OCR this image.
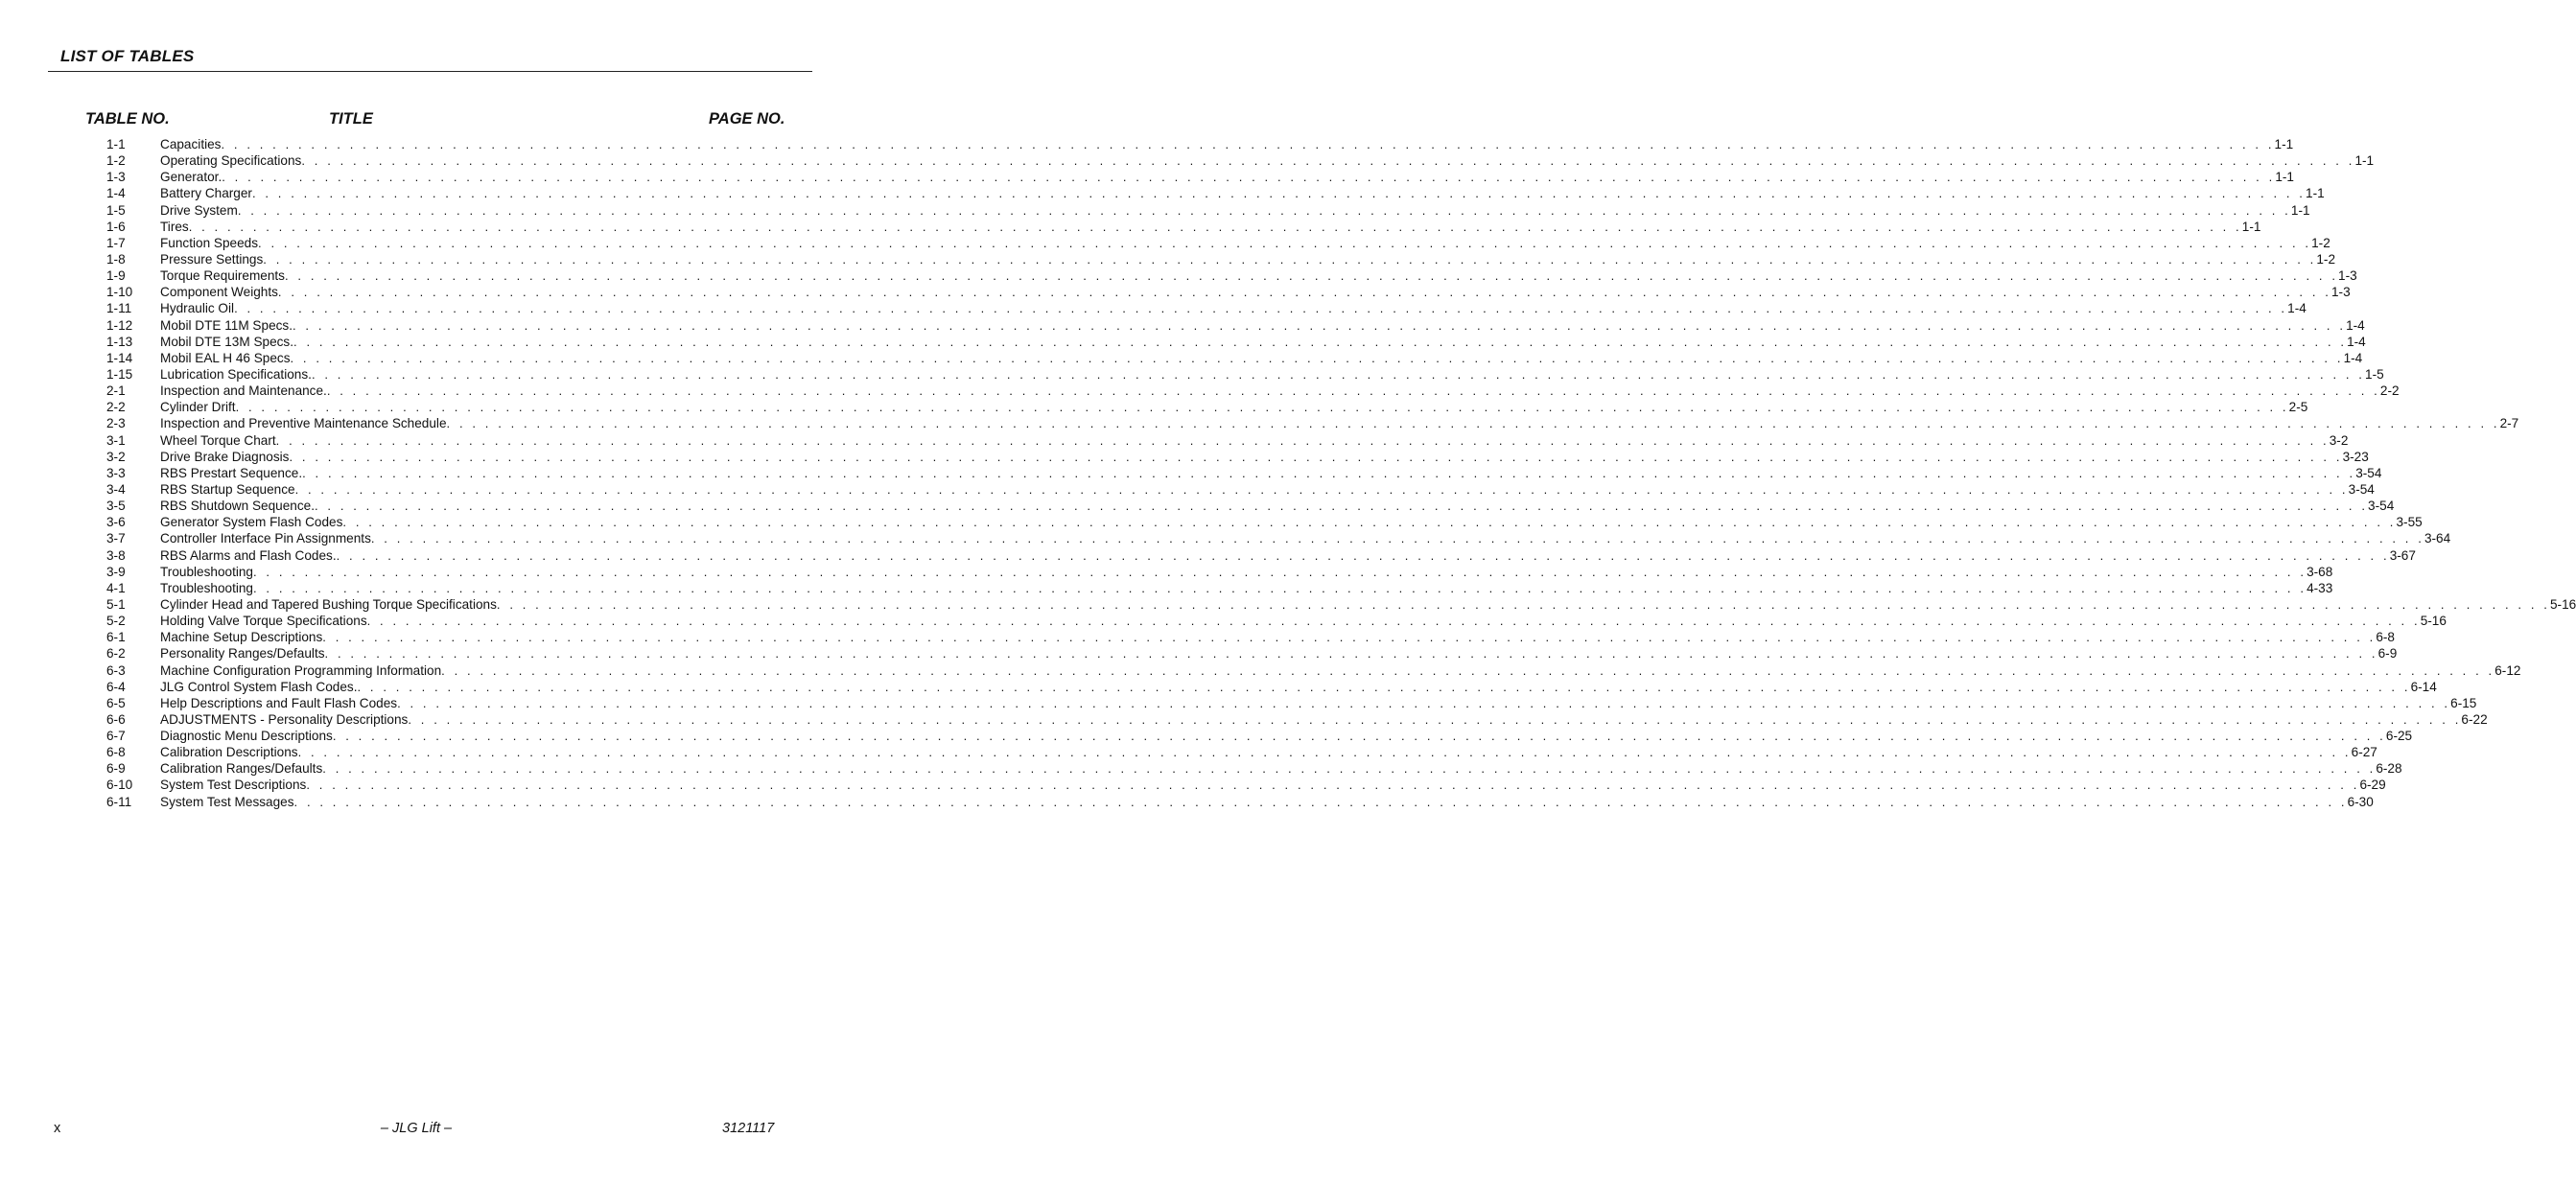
LIST OF TABLES
TABLE NO.	TITLE	PAGE NO.
1-1	Capacities . . . . . . . . . . . . . . . . . . . . . . . . . . . . . . . . . . . . . . . . . . . . . . . . . . . . . . . . . . . . . . . . . . . . . . . . . . . . . . . . . . . . . . . . . . . . . . . . . . . . . . . . . . . . . . . . . . . . . . . . . . . . . . . . . . . . . . . . . . . . . . . . . . . . . . . . . . . . . . . . 1-1
1-2	Operating Specifications . . . . . . . . . . . . . . . . . . . . . . . . . . . . . . . . . . . . . . . . . . . . . . . . . . . . . . . . . . . . . . . . . . . . . . . . . . . . . . . . . . . . . . . . . . . . . . . . . . . . . . . . . . . . . . . . . . . . . . . . . . . . . . . . . . . . . . . . . . . . . . . . . . . . . . . . . . . . . . . . 1-1
1-3	Generator. . . . . . . . . . . . . . . . . . . . . . . . . . . . . . . . . . . . . . . . . . . . . . . . . . . . . . . . . . . . . . . . . . . . . . . . . . . . . . . . . . . . . . . . . . . . . . . . . . . . . . . . . . . . . . . . . . . . . . . . . . . . . . . . . . . . . . . . . . . . . . . . . . . . . . . . . . . . . . . . . 1-1
1-4	Battery Charger . . . . . . . . . . . . . . . . . . . . . . . . . . . . . . . . . . . . . . . . . . . . . . . . . . . . . . . . . . . . . . . . . . . . . . . . . . . . . . . . . . . . . . . . . . . . . . . . . . . . . . . . . . . . . . . . . . . . . . . . . . . . . . . . . . . . . . . . . . . . . . . . . . . . . . . . . . . . . . . . 1-1
1-5	Drive System . . . . . . . . . . . . . . . . . . . . . . . . . . . . . . . . . . . . . . . . . . . . . . . . . . . . . . . . . . . . . . . . . . . . . . . . . . . . . . . . . . . . . . . . . . . . . . . . . . . . . . . . . . . . . . . . . . . . . . . . . . . . . . . . . . . . . . . . . . . . . . . . . . . . . . . . . . . . . . . . 1-1
1-6	Tires . . . . . . . . . . . . . . . . . . . . . . . . . . . . . . . . . . . . . . . . . . . . . . . . . . . . . . . . . . . . . . . . . . . . . . . . . . . . . . . . . . . . . . . . . . . . . . . . . . . . . . . . . . . . . . . . . . . . . . . . . . . . . . . . . . . . . . . . . . . . . . . . . . . . . . . . . . . . . . . . 1-1
1-7	Function Speeds . . . . . . . . . . . . . . . . . . . . . . . . . . . . . . . . . . . . . . . . . . . . . . . . . . . . . . . . . . . . . . . . . . . . . . . . . . . . . . . . . . . . . . . . . . . . . . . . . . . . . . . . . . . . . . . . . . . . . . . . . . . . . . . . . . . . . . . . . . . . . . . . . . . . . . . . . . . . . . . . 1-2
1-8	Pressure Settings . . . . . . . . . . . . . . . . . . . . . . . . . . . . . . . . . . . . . . . . . . . . . . . . . . . . . . . . . . . . . . . . . . . . . . . . . . . . . . . . . . . . . . . . . . . . . . . . . . . . . . . . . . . . . . . . . . . . . . . . . . . . . . . . . . . . . . . . . . . . . . . . . . . . . . . . . . . . . . . . 1-2
1-9	Torque Requirements . . . . . . . . . . . . . . . . . . . . . . . . . . . . . . . . . . . . . . . . . . . . . . . . . . . . . . . . . . . . . . . . . . . . . . . . . . . . . . . . . . . . . . . . . . . . . . . . . . . . . . . . . . . . . . . . . . . . . . . . . . . . . . . . . . . . . . . . . . . . . . . . . . . . . . . . . . . . . . . . 1-3
1-10	Component Weights . . . . . . . . . . . . . . . . . . . . . . . . . . . . . . . . . . . . . . . . . . . . . . . . . . . . . . . . . . . . . . . . . . . . . . . . . . . . . . . . . . . . . . . . . . . . . . . . . . . . . . . . . . . . . . . . . . . . . . . . . . . . . . . . . . . . . . . . . . . . . . . . . . . . . . . . . . . . . . . . 1-3
1-11	Hydraulic Oil . . . . . . . . . . . . . . . . . . . . . . . . . . . . . . . . . . . . . . . . . . . . . . . . . . . . . . . . . . . . . . . . . . . . . . . . . . . . . . . . . . . . . . . . . . . . . . . . . . . . . . . . . . . . . . . . . . . . . . . . . . . . . . . . . . . . . . . . . . . . . . . . . . . . . . . . . . . . . . . . 1-4
1-12	Mobil DTE 11M Specs. . . . . . . . . . . . . . . . . . . . . . . . . . . . . . . . . . . . . . . . . . . . . . . . . . . . . . . . . . . . . . . . . . . . . . . . . . . . . . . . . . . . . . . . . . . . . . . . . . . . . . . . . . . . . . . . . . . . . . . . . . . . . . . . . . . . . . . . . . . . . . . . . . . . . . . . . . . . . . . . . 1-4
1-13	Mobil DTE 13M Specs. . . . . . . . . . . . . . . . . . . . . . . . . . . . . . . . . . . . . . . . . . . . . . . . . . . . . . . . . . . . . . . . . . . . . . . . . . . . . . . . . . . . . . . . . . . . . . . . . . . . . . . . . . . . . . . . . . . . . . . . . . . . . . . . . . . . . . . . . . . . . . . . . . . . . . . . . . . . . . . . . 1-4
1-14	Mobil EAL H 46 Specs . . . . . . . . . . . . . . . . . . . . . . . . . . . . . . . . . . . . . . . . . . . . . . . . . . . . . . . . . . . . . . . . . . . . . . . . . . . . . . . . . . . . . . . . . . . . . . . . . . . . . . . . . . . . . . . . . . . . . . . . . . . . . . . . . . . . . . . . . . . . . . . . . . . . . . . . . . . . . . . . 1-4
1-15	Lubrication Specifications. . . . . . . . . . . . . . . . . . . . . . . . . . . . . . . . . . . . . . . . . . . . . . . . . . . . . . . . . . . . . . . . . . . . . . . . . . . . . . . . . . . . . . . . . . . . . . . . . . . . . . . . . . . . . . . . . . . . . . . . . . . . . . . . . . . . . . . . . . . . . . . . . . . . . . . . . . . . . . . . . 1-5
2-1	Inspection and Maintenance. . . . . . . . . . . . . . . . . . . . . . . . . . . . . . . . . . . . . . . . . . . . . . . . . . . . . . . . . . . . . . . . . . . . . . . . . . . . . . . . . . . . . . . . . . . . . . . . . . . . . . . . . . . . . . . . . . . . . . . . . . . . . . . . . . . . . . . . . . . . . . . . . . . . . . . . . . . . . . . . . 2-2
2-2	Cylinder Drift . . . . . . . . . . . . . . . . . . . . . . . . . . . . . . . . . . . . . . . . . . . . . . . . . . . . . . . . . . . . . . . . . . . . . . . . . . . . . . . . . . . . . . . . . . . . . . . . . . . . . . . . . . . . . . . . . . . . . . . . . . . . . . . . . . . . . . . . . . . . . . . . . . . . . . . . . . . . . . . . 2-5
2-3	Inspection and Preventive Maintenance Schedule . . . . . . . . . . . . . . . . . . . . . . . . . . . . . . . . . . . . . . . . . . . . . . . . . . . . . . . . . . . . . . . . . . . . . . . . . . . . . . . . . . . . . . . . . . . . . . . . . . . . . . . . . . . . . . . . . . . . . . . . . . . . . . . . . . . . . . . . . . . . . . . . . . . . . . . . . . . . . . . . 2-7
3-1	Wheel Torque Chart . . . . . . . . . . . . . . . . . . . . . . . . . . . . . . . . . . . . . . . . . . . . . . . . . . . . . . . . . . . . . . . . . . . . . . . . . . . . . . . . . . . . . . . . . . . . . . . . . . . . . . . . . . . . . . . . . . . . . . . . . . . . . . . . . . . . . . . . . . . . . . . . . . . . . . . . . . . . . . . . 3-2
3-2	Drive Brake Diagnosis . . . . . . . . . . . . . . . . . . . . . . . . . . . . . . . . . . . . . . . . . . . . . . . . . . . . . . . . . . . . . . . . . . . . . . . . . . . . . . . . . . . . . . . . . . . . . . . . . . . . . . . . . . . . . . . . . . . . . . . . . . . . . . . . . . . . . . . . . . . . . . . . . . . . . . . . . . . . . . . . 3-23
3-3	RBS Prestart Sequence. . . . . . . . . . . . . . . . . . . . . . . . . . . . . . . . . . . . . . . . . . . . . . . . . . . . . . . . . . . . . . . . . . . . . . . . . . . . . . . . . . . . . . . . . . . . . . . . . . . . . . . . . . . . . . . . . . . . . . . . . . . . . . . . . . . . . . . . . . . . . . . . . . . . . . . . . . . . . . . . . 3-54
3-4	RBS Startup Sequence . . . . . . . . . . . . . . . . . . . . . . . . . . . . . . . . . . . . . . . . . . . . . . . . . . . . . . . . . . . . . . . . . . . . . . . . . . . . . . . . . . . . . . . . . . . . . . . . . . . . . . . . . . . . . . . . . . . . . . . . . . . . . . . . . . . . . . . . . . . . . . . . . . . . . . . . . . . . . . . . 3-54
3-5	RBS Shutdown Sequence. . . . . . . . . . . . . . . . . . . . . . . . . . . . . . . . . . . . . . . . . . . . . . . . . . . . . . . . . . . . . . . . . . . . . . . . . . . . . . . . . . . . . . . . . . . . . . . . . . . . . . . . . . . . . . . . . . . . . . . . . . . . . . . . . . . . . . . . . . . . . . . . . . . . . . . . . . . . . . . . . 3-54
3-6	Generator System Flash Codes . . . . . . . . . . . . . . . . . . . . . . . . . . . . . . . . . . . . . . . . . . . . . . . . . . . . . . . . . . . . . . . . . . . . . . . . . . . . . . . . . . . . . . . . . . . . . . . . . . . . . . . . . . . . . . . . . . . . . . . . . . . . . . . . . . . . . . . . . . . . . . . . . . . . . . . . . . . . . . . . 3-55
3-7	Controller Interface Pin Assignments . . . . . . . . . . . . . . . . . . . . . . . . . . . . . . . . . . . . . . . . . . . . . . . . . . . . . . . . . . . . . . . . . . . . . . . . . . . . . . . . . . . . . . . . . . . . . . . . . . . . . . . . . . . . . . . . . . . . . . . . . . . . . . . . . . . . . . . . . . . . . . . . . . . . . . . . . . . . . . . . 3-64
3-8	RBS Alarms and Flash Codes. . . . . . . . . . . . . . . . . . . . . . . . . . . . . . . . . . . . . . . . . . . . . . . . . . . . . . . . . . . . . . . . . . . . . . . . . . . . . . . . . . . . . . . . . . . . . . . . . . . . . . . . . . . . . . . . . . . . . . . . . . . . . . . . . . . . . . . . . . . . . . . . . . . . . . . . . . . . . . . . . 3-67
3-9	Troubleshooting . . . . . . . . . . . . . . . . . . . . . . . . . . . . . . . . . . . . . . . . . . . . . . . . . . . . . . . . . . . . . . . . . . . . . . . . . . . . . . . . . . . . . . . . . . . . . . . . . . . . . . . . . . . . . . . . . . . . . . . . . . . . . . . . . . . . . . . . . . . . . . . . . . . . . . . . . . . . . . . . 3-68
4-1	Troubleshooting . . . . . . . . . . . . . . . . . . . . . . . . . . . . . . . . . . . . . . . . . . . . . . . . . . . . . . . . . . . . . . . . . . . . . . . . . . . . . . . . . . . . . . . . . . . . . . . . . . . . . . . . . . . . . . . . . . . . . . . . . . . . . . . . . . . . . . . . . . . . . . . . . . . . . . . . . . . . . . . . 4-33
5-1	Cylinder Head and Tapered Bushing Torque Specifications . . . . . . . . . . . . . . . . . . . . . . . . . . . . . . . . . . . . . . . . . . . . . . . . . . . . . . . . . . . . . . . . . . . . . . . . . . . . . . . . . . . . . . . . . . . . . . . . . . . . . . . . . . . . . . . . . . . . . . . . . . . . . . . . . . . . . . . . . . . . . . . . . . . . . . . . . . . . . . . . 5-16
5-2	Holding Valve Torque Specifications . . . . . . . . . . . . . . . . . . . . . . . . . . . . . . . . . . . . . . . . . . . . . . . . . . . . . . . . . . . . . . . . . . . . . . . . . . . . . . . . . . . . . . . . . . . . . . . . . . . . . . . . . . . . . . . . . . . . . . . . . . . . . . . . . . . . . . . . . . . . . . . . . . . . . . . . . . . . . . . . 5-16
6-1	Machine Setup Descriptions . . . . . . . . . . . . . . . . . . . . . . . . . . . . . . . . . . . . . . . . . . . . . . . . . . . . . . . . . . . . . . . . . . . . . . . . . . . . . . . . . . . . . . . . . . . . . . . . . . . . . . . . . . . . . . . . . . . . . . . . . . . . . . . . . . . . . . . . . . . . . . . . . . . . . . . . . . . . . . . . 6-8
6-2	Personality Ranges/Defaults . . . . . . . . . . . . . . . . . . . . . . . . . . . . . . . . . . . . . . . . . . . . . . . . . . . . . . . . . . . . . . . . . . . . . . . . . . . . . . . . . . . . . . . . . . . . . . . . . . . . . . . . . . . . . . . . . . . . . . . . . . . . . . . . . . . . . . . . . . . . . . . . . . . . . . . . . . . . . . . . 6-9
6-3	Machine Configuration Programming Information . . . . . . . . . . . . . . . . . . . . . . . . . . . . . . . . . . . . . . . . . . . . . . . . . . . . . . . . . . . . . . . . . . . . . . . . . . . . . . . . . . . . . . . . . . . . . . . . . . . . . . . . . . . . . . . . . . . . . . . . . . . . . . . . . . . . . . . . . . . . . . . . . . . . . . . . . . . . . . . . 6-12
6-4	JLG Control System Flash Codes. . . . . . . . . . . . . . . . . . . . . . . . . . . . . . . . . . . . . . . . . . . . . . . . . . . . . . . . . . . . . . . . . . . . . . . . . . . . . . . . . . . . . . . . . . . . . . . . . . . . . . . . . . . . . . . . . . . . . . . . . . . . . . . . . . . . . . . . . . . . . . . . . . . . . . . . . . . . . . . . . 6-14
6-5	Help Descriptions and Fault Flash Codes . . . . . . . . . . . . . . . . . . . . . . . . . . . . . . . . . . . . . . . . . . . . . . . . . . . . . . . . . . . . . . . . . . . . . . . . . . . . . . . . . . . . . . . . . . . . . . . . . . . . . . . . . . . . . . . . . . . . . . . . . . . . . . . . . . . . . . . . . . . . . . . . . . . . . . . . . . . . . . . . 6-15
6-6	ADJUSTMENTS - Personality Descriptions . . . . . . . . . . . . . . . . . . . . . . . . . . . . . . . . . . . . . . . . . . . . . . . . . . . . . . . . . . . . . . . . . . . . . . . . . . . . . . . . . . . . . . . . . . . . . . . . . . . . . . . . . . . . . . . . . . . . . . . . . . . . . . . . . . . . . . . . . . . . . . . . . . . . . . . . . . . . . . . . 6-22
6-7	Diagnostic Menu Descriptions . . . . . . . . . . . . . . . . . . . . . . . . . . . . . . . . . . . . . . . . . . . . . . . . . . . . . . . . . . . . . . . . . . . . . . . . . . . . . . . . . . . . . . . . . . . . . . . . . . . . . . . . . . . . . . . . . . . . . . . . . . . . . . . . . . . . . . . . . . . . . . . . . . . . . . . . . . . . . . . . 6-25
6-8	Calibration Descriptions . . . . . . . . . . . . . . . . . . . . . . . . . . . . . . . . . . . . . . . . . . . . . . . . . . . . . . . . . . . . . . . . . . . . . . . . . . . . . . . . . . . . . . . . . . . . . . . . . . . . . . . . . . . . . . . . . . . . . . . . . . . . . . . . . . . . . . . . . . . . . . . . . . . . . . . . . . . . . . . . 6-27
6-9	Calibration Ranges/Defaults . . . . . . . . . . . . . . . . . . . . . . . . . . . . . . . . . . . . . . . . . . . . . . . . . . . . . . . . . . . . . . . . . . . . . . . . . . . . . . . . . . . . . . . . . . . . . . . . . . . . . . . . . . . . . . . . . . . . . . . . . . . . . . . . . . . . . . . . . . . . . . . . . . . . . . . . . . . . . . . . 6-28
6-10	System Test Descriptions . . . . . . . . . . . . . . . . . . . . . . . . . . . . . . . . . . . . . . . . . . . . . . . . . . . . . . . . . . . . . . . . . . . . . . . . . . . . . . . . . . . . . . . . . . . . . . . . . . . . . . . . . . . . . . . . . . . . . . . . . . . . . . . . . . . . . . . . . . . . . . . . . . . . . . . . . . . . . . . . 6-29
6-11	System Test Messages . . . . . . . . . . . . . . . . . . . . . . . . . . . . . . . . . . . . . . . . . . . . . . . . . . . . . . . . . . . . . . . . . . . . . . . . . . . . . . . . . . . . . . . . . . . . . . . . . . . . . . . . . . . . . . . . . . . . . . . . . . . . . . . . . . . . . . . . . . . . . . . . . . . . . . . . . . . . . . . . 6-30
x	– JLG Lift –	3121117
